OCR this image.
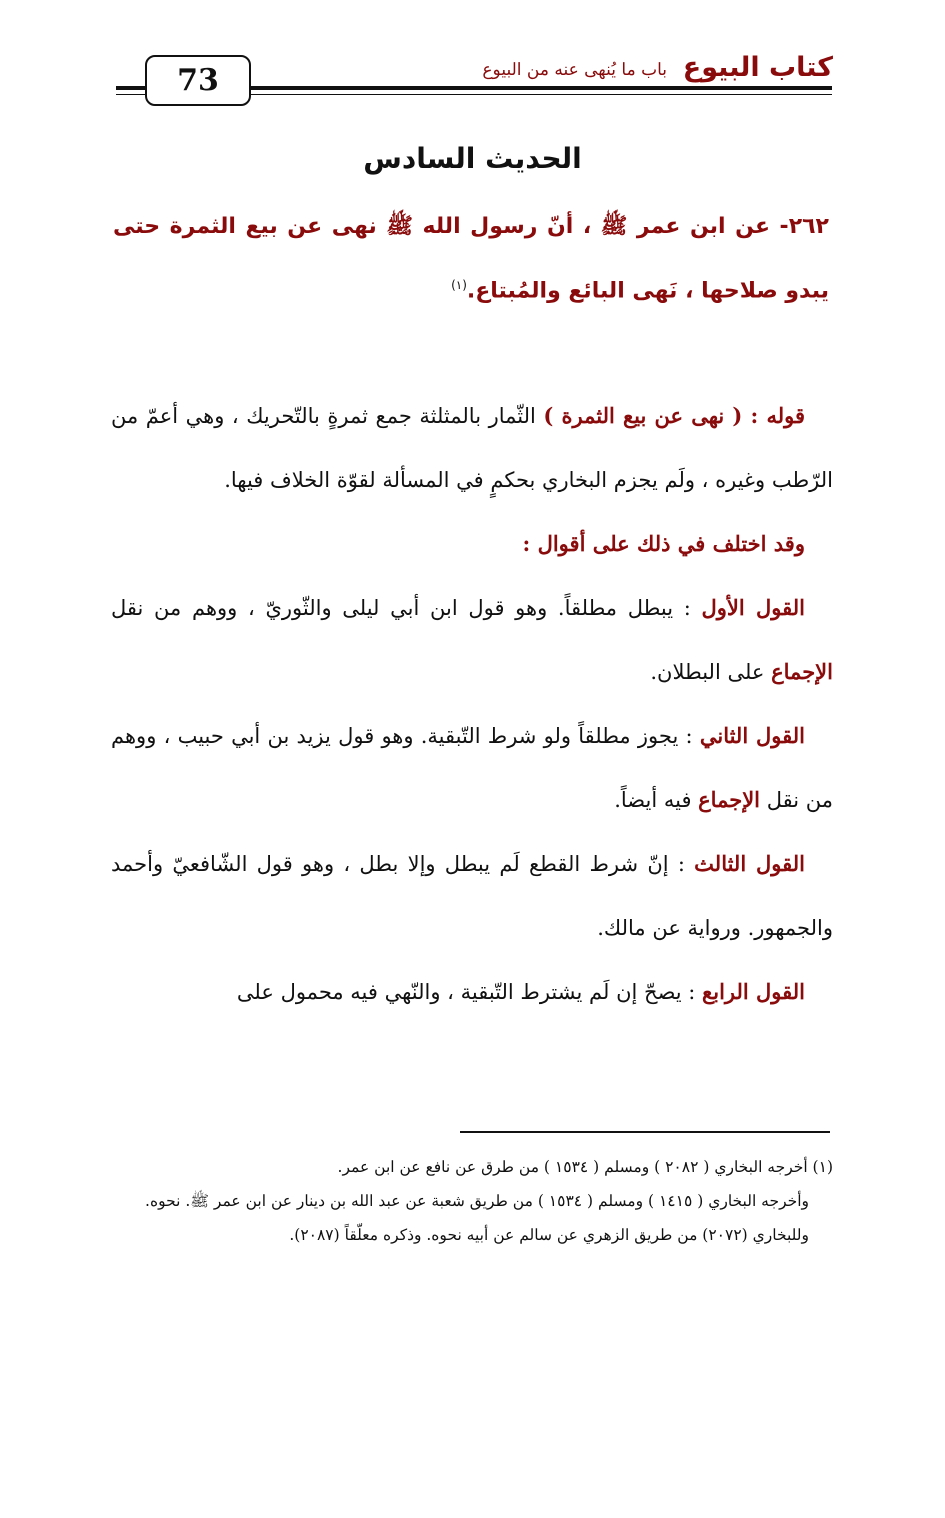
73	كتاب البيوع
باب ما يُنهى عنه من البيوع
الحديث السادس
٢٦٢- عن ابن عمر ﷺ ، أنّ رسول الله ﷺ نهى عن بيع الثمرة حتى يبدو صلاحها ، نَهى البائع والمُبتاع.$^{(١)}$

قوله : ( نهى عن بيع الثمرة ) الثّمار بالمثلثة جمع ثمرةٍ بالتّحريك ، وهي أعمّ من الرّطب وغيره ، ولَم يجزم البخاري بحكمٍ في المسألة لقوّة الخلاف فيها.

وقد اختلف في ذلك على أقوال :

القول الأول : يبطل مطلقاً. وهو قول ابن أبي ليلى والثّوريّ ، ووهم من نقل الإجماع على البطلان.

القول الثاني : يجوز مطلقاً ولو شرط التّبقية. وهو قول يزيد بن أبي حبيب ، ووهم من نقل الإجماع فيه أيضاً.

القول الثالث : إنّ شرط القطع لَم يبطل وإلا بطل ، وهو قول الشّافعيّ وأحمد والجمهور. ورواية عن مالك.

القول الرابع : يصحّ إن لَم يشترط التّبقية ، والنّهي فيه محمول على

(١) أخرجه البخاري ( ٢٠٨٢ ) ومسلم ( ١٥٣٤ ) من طرق عن نافع عن ابن عمر.

وأخرجه البخاري ( ١٤١٥ ) ومسلم ( ١٥٣٤ ) من طريق شعبة عن عبد الله بن دينار عن ابن عمر ﷺ. نحوه.

وللبخاري (٢٠٧٢) من طريق الزهري عن سالم عن أبيه نحوه. وذكره معلّقاً (٢٠٨٧).
